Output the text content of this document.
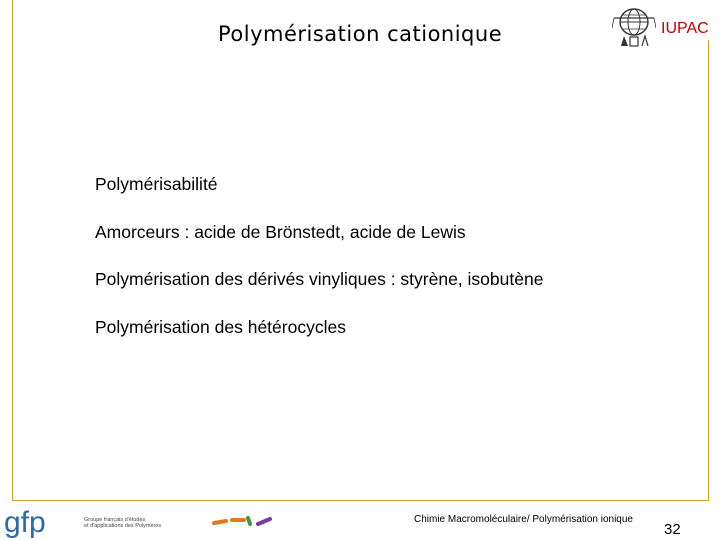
Polymérisation cationique	IUPAC
Polymérisabilité
Amorceurs : acide de Brönstedt, acide de Lewis
Polymérisation des dérivés vinyliques : styrène, isobutène
Polymérisation des hétérocycles
gfp	Groupe français d'études
et d'applications des Polymères
Chimie Macromoléculaire/ Polymérisation ionique
32
